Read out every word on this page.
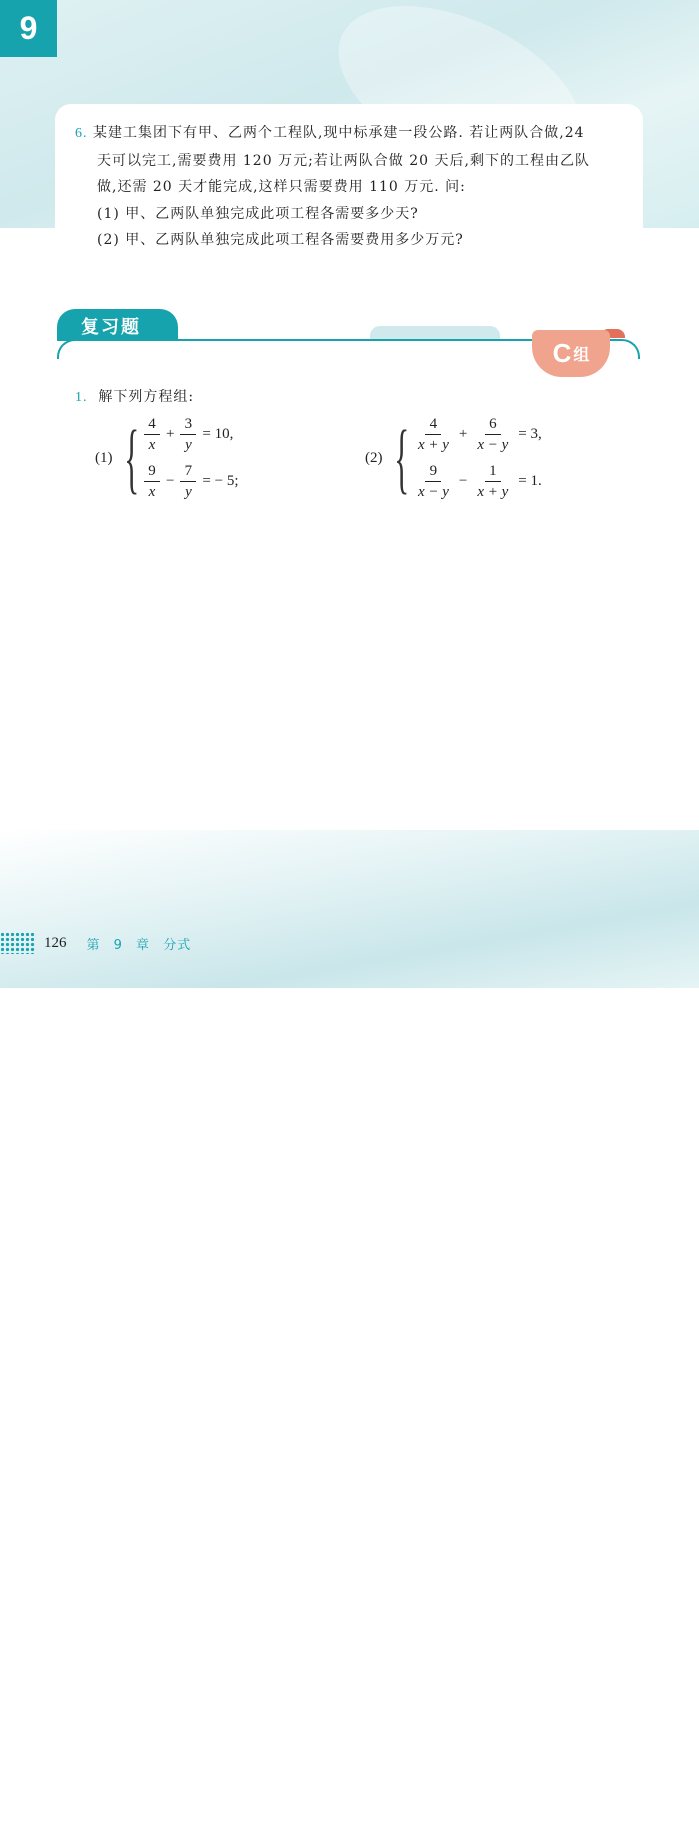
9
6. 某建工集团下有甲、乙两个工程队,现中标承建一段公路. 若让两队合做,24
天可以完工,需要费用 120 万元;若让两队合做 20 天后,剩下的工程由乙队
做,还需 20 天才能完成,这样只需要费用 110 万元. 问:
(1) 甲、乙两队单独完成此项工程各需要多少天?
(2) 甲、乙两队单独完成此项工程各需要费用多少万元?
复习题
C 组
1. 解下列方程组:
(1) { $\frac{4}{x} + \frac{3}{y} = 10$,
$\frac{9}{x} - \frac{7}{y}$ = − 5;
(2) { $\frac{4}{x + y} + \frac{6}{x - y} = 3$,
$\frac{9}{x - y} - \frac{1}{x + y} = 1$.
126 第 9 章 分式
